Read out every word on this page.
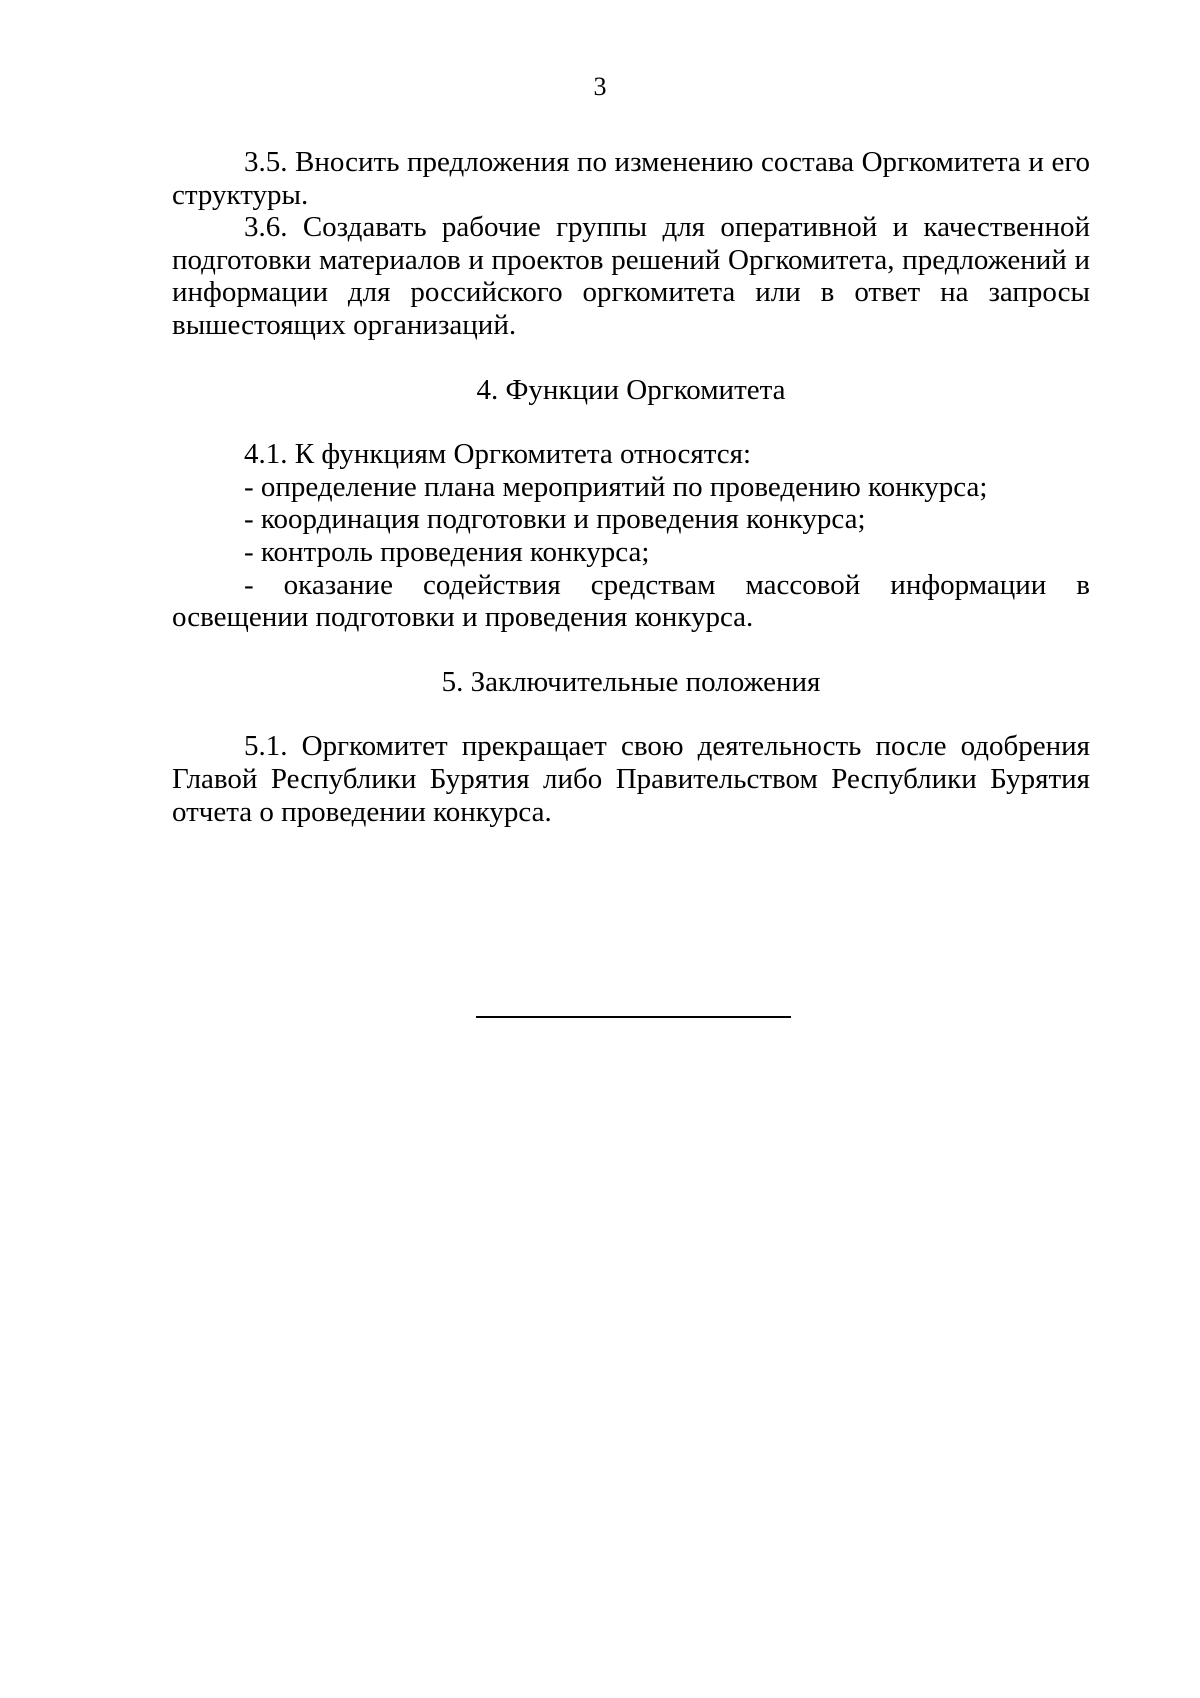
3

3.5. Вносить предложения по изменению состава Оргкомитета и его структуры.

3.6. Создавать рабочие группы для оперативной и качественной подготовки материалов и проектов решений Оргкомитета, предложений и информации для российского оргкомитета или в ответ на запросы вышестоящих организаций.

4. Функции Оргкомитета

4.1. К функциям Оргкомитета относятся:

- определение плана мероприятий по проведению конкурса;

- координация подготовки и проведения конкурса;

- контроль проведения конкурса;

- оказание содействия средствам массовой информации в освещении подготовки и проведения конкурса.

5. Заключительные положения

5.1. Оргкомитет прекращает свою деятельность после одобрения Главой Республики Бурятия либо Правительством Республики Бурятия отчета о проведении конкурса.
